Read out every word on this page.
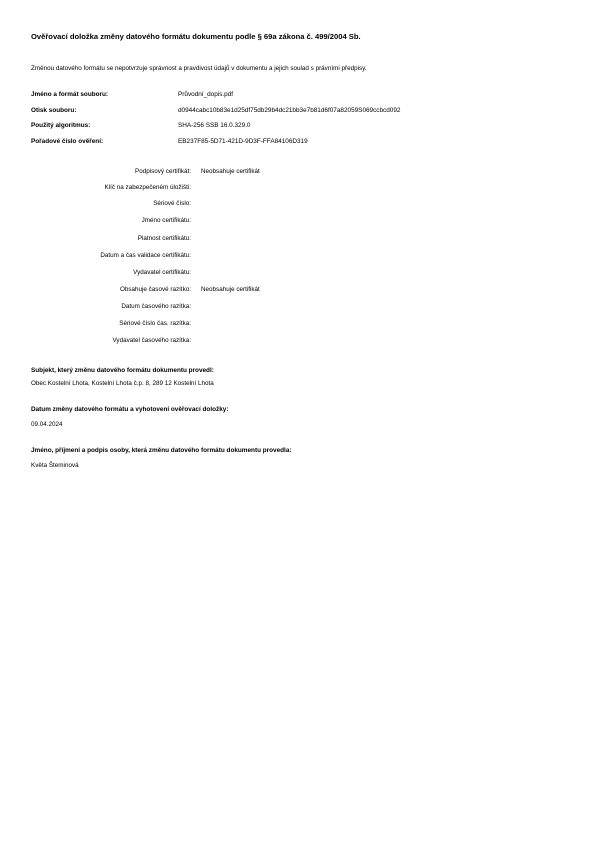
Ověřovací doložka změny datového formátu dokumentu podle § 69a zákona č. 499/2004 Sb.
Změnou datového formátu se nepotvrzuje správnost a pravdivost údajů v dokumentu a jejich soulad s právními předpisy.
Jméno a formát souboru:	Průvodní_dopis.pdf
Otisk souboru:	d0944cabc10b83e1d25df75db29b4dc21bb3e7b81d6f07a82059S069ccbcd092
Použitý algoritmus:	SHA-256 SSB 16.0.329.0
Pořadové číslo ověření:	EB237F85-5D71-421D-9D3F-FFA84106D319
Podpisový certifikát: Neobsahuje certifikát
Klíč na zabezpečeném úložišti:
Sériové číslo:
Jméno certifikátu:
Platnost certifikátu:
Datum a čas validace certifikátu:
Vydavatel certifikátu:
Obsahuje časové razítko: Neobsahuje certifikát
Datum časového razítka:
Sériové číslo čas. razítka:
Vydavatel časového razítka:
Subjekt, který změnu datového formátu dokumentu provedl:
Obec Kostelní Lhota, Kostelní Lhota č.p. 8, 289 12 Kostelní Lhota
Datum změny datového formátu a vyhotovení ověřovací doložky:
09.04.2024
Jméno, příjmení a podpis osoby, která změnu datového formátu dokumentu provedla:
Květa Šteminová
